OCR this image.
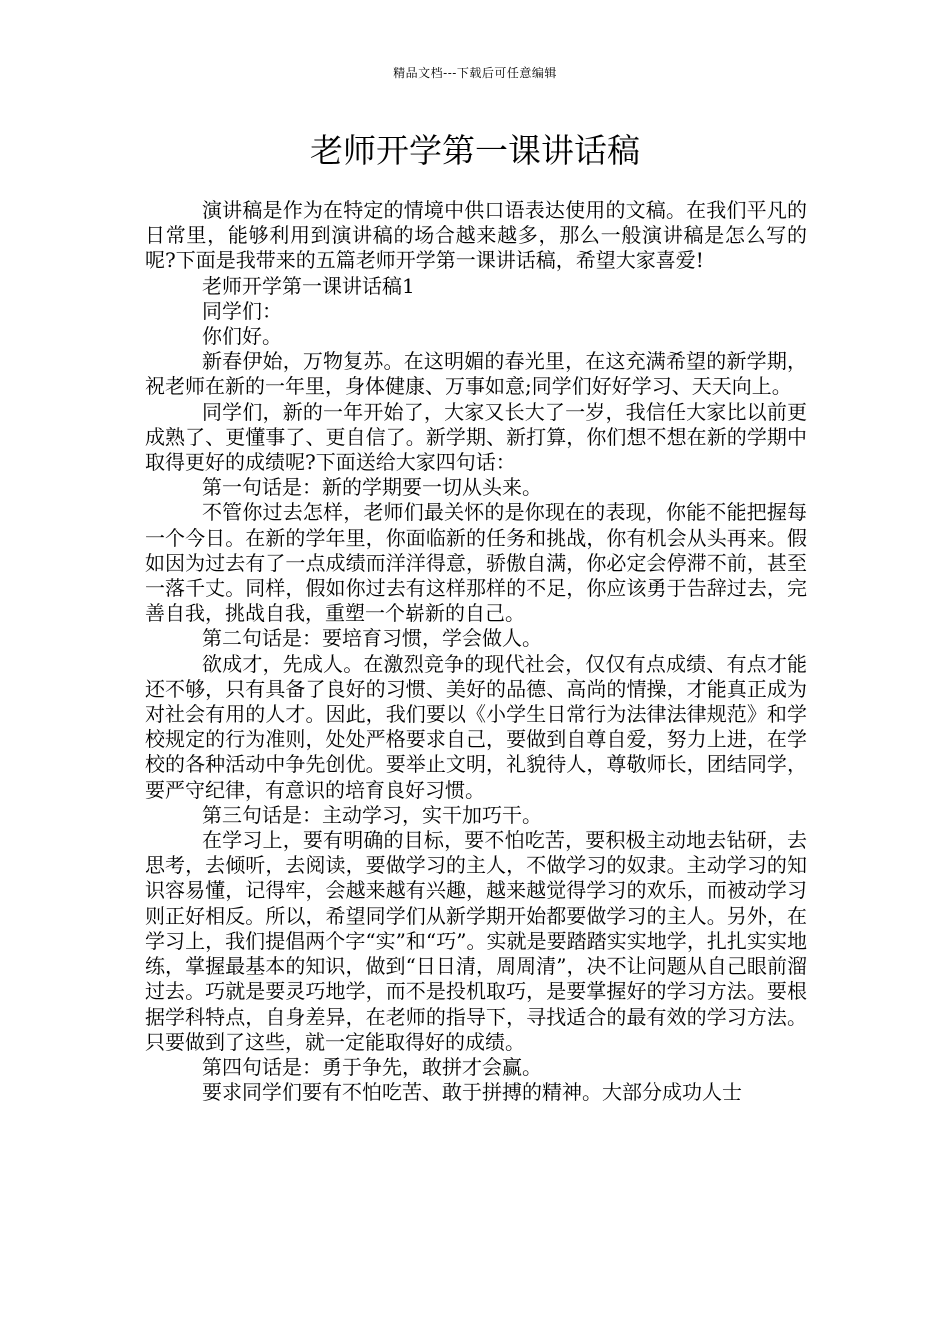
精品文档---下载后可任意编辑
老师开学第一课讲话稿

演讲稿是作为在特定的情境中供口语表达使用的文稿。在我们平凡的日常里，能够利用到演讲稿的场合越来越多，那么一般演讲稿是怎么写的呢?下面是我带来的五篇老师开学第一课讲话稿，希望大家喜爱!

老师开学第一课讲话稿1

同学们：

你们好。

新春伊始，万物复苏。在这明媚的春光里，在这充满希望的新学期，祝老师在新的一年里，身体健康、万事如意;同学们好好学习、天天向上。

同学们，新的一年开始了，大家又长大了一岁，我信任大家比以前更成熟了、更懂事了、更自信了。新学期、新打算，你们想不想在新的学期中取得更好的成绩呢?下面送给大家四句话：

第一句话是：新的学期要一切从头来。

不管你过去怎样，老师们最关怀的是你现在的表现，你能不能把握每一个今日。在新的学年里，你面临新的任务和挑战，你有机会从头再来。假如因为过去有了一点成绩而洋洋得意，骄傲自满，你必定会停滞不前，甚至一落千丈。同样，假如你过去有这样那样的不足，你应该勇于告辞过去，完善自我，挑战自我，重塑一个崭新的自己。

第二句话是：要培育习惯，学会做人。

欲成才，先成人。在激烈竞争的现代社会，仅仅有点成绩、有点才能还不够，只有具备了良好的习惯、美好的品德、高尚的情操，才能真正成为对社会有用的人才。因此，我们要以《小学生日常行为法律法律规范》和学校规定的行为准则，处处严格要求自己，要做到自尊自爱，努力上进，在学校的各种活动中争先创优。要举止文明，礼貌待人，尊敬师长，团结同学，要严守纪律，有意识的培育良好习惯。

第三句话是：主动学习，实干加巧干。

在学习上，要有明确的目标，要不怕吃苦，要积极主动地去钻研，去思考，去倾听，去阅读，要做学习的主人，不做学习的奴隶。主动学习的知识容易懂，记得牢，会越来越有兴趣，越来越觉得学习的欢乐，而被动学习则正好相反。所以，希望同学们从新学期开始都要做学习的主人。另外，在学习上，我们提倡两个字“实”和“巧”。实就是要踏踏实实地学，扎扎实实地练，掌握最基本的知识，做到“日日清，周周清”，决不让问题从自己眼前溜过去。巧就是要灵巧地学，而不是投机取巧，是要掌握好的学习方法。要根据学科特点，自身差异，在老师的指导下，寻找适合的最有效的学习方法。只要做到了这些，就一定能取得好的成绩。

第四句话是：勇于争先，敢拼才会赢。

要求同学们要有不怕吃苦、敢于拼搏的精神。大部分成功人士
